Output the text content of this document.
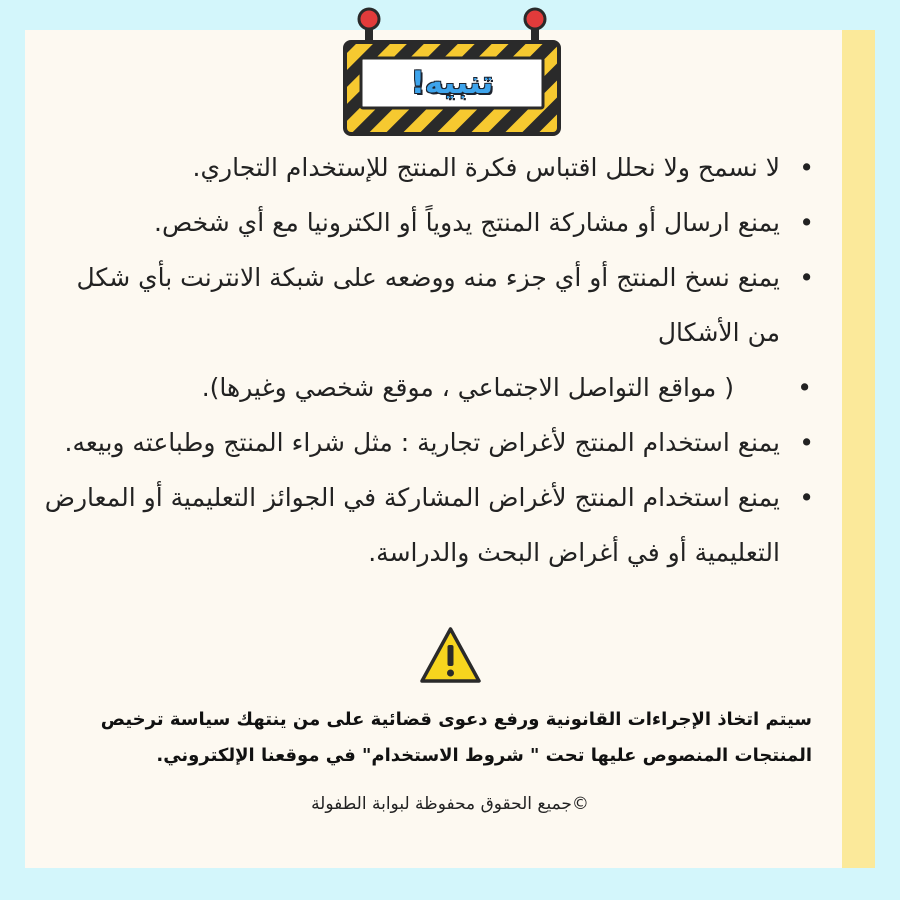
تنبيه!
• لا نسمح ولا نحلل اقتباس فكرة المنتج للإستخدام التجاري.
• يمنع ارسال أو مشاركة المنتج يدوياً أو الكترونيا مع أي شخص.
• يمنع نسخ المنتج أو أي جزء منه ووضعه على شبكة الانترنت بأي شكل من الأشكال
• ( مواقع التواصل الاجتماعي ، موقع شخصي وغيرها).
• يمنع استخدام المنتج لأغراض تجارية : مثل شراء المنتج وطباعته وبيعه.
• يمنع استخدام المنتج لأغراض المشاركة في الجوائز التعليمية أو المعارض التعليمية أو في أغراض البحث والدراسة.
سيتم اتخاذ الإجراءات القانونية ورفع دعوى قضائية على من ينتهك سياسة ترخيص المنتجات المنصوص عليها تحت " شروط الاستخدام" في موقعنا الإلكتروني.
©جميع الحقوق محفوظة لبوابة الطفولة
